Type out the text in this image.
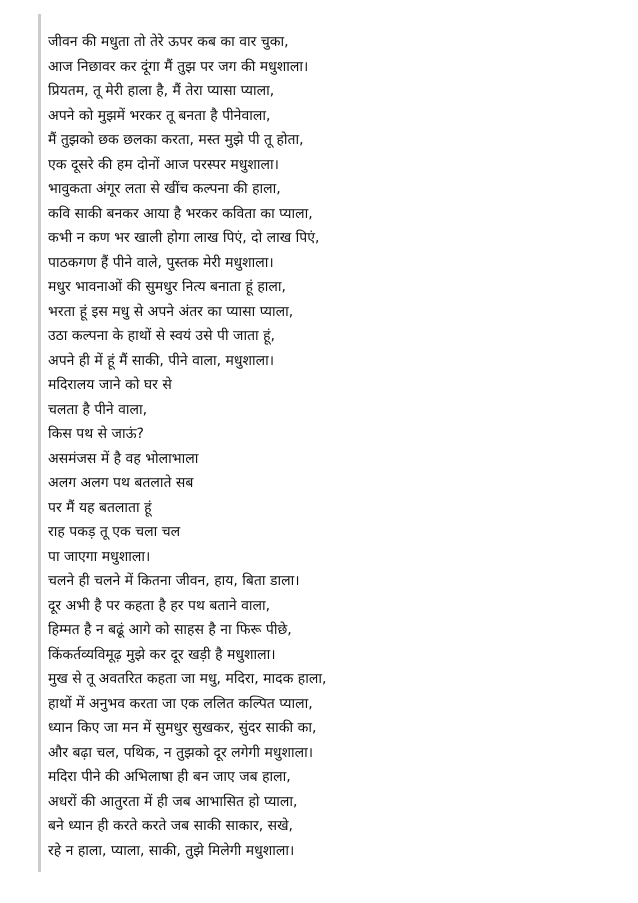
जीवन की मधुता तो तेरे ऊपर कब का वार चुका,
आज निछावर कर दूंगा मैं तुझ पर जग की मधुशाला।
प्रियतम, तू मेरी हाला है, मैं तेरा प्यासा प्याला,
अपने को मुझमें भरकर तू बनता है पीनेवाला,
मैं तुझको छक छलका करता, मस्त मुझे पी तू होता,
एक दूसरे की हम दोनों आज परस्पर मधुशाला।
भावुकता अंगूर लता से खींच कल्पना की हाला,
कवि साकी बनकर आया है भरकर कविता का प्याला,
कभी न कण भर खाली होगा लाख पिएं, दो लाख पिएं,
पाठकगण हैं पीने वाले, पुस्तक मेरी मधुशाला।
मधुर भावनाओं की सुमधुर नित्य बनाता हूं हाला,
भरता हूं इस मधु से अपने अंतर का प्यासा प्याला,
उठा कल्पना के हाथों से स्वयं उसे पी जाता हूं,
अपने ही में हूं मैं साकी, पीने वाला, मधुशाला।
मदिरालय जाने को घर से
चलता है पीने वाला,
किस पथ से जाऊं?
असमंजस में है वह भोलाभाला
अलग अलग पथ बतलाते सब
पर मैं यह बतलाता हूं
राह पकड़ तू एक चला चल
पा जाएगा मधुशाला।
चलने ही चलने में कितना जीवन, हाय, बिता डाला।
दूर अभी है पर कहता है हर पथ बताने वाला,
हिम्मत है न बढूं आगे को साहस है ना फिरू पीछे,
किंकर्तव्यविमूढ़ मुझे कर दूर खड़ी है मधुशाला।
मुख से तू अवतरित कहता जा मधु, मदिरा, मादक हाला,
हाथों में अनुभव करता जा एक ललित कल्पित प्याला,
ध्यान किए जा मन में सुमधुर सुखकर, सुंदर साकी का,
और बढ़ा चल, पथिक, न तुझको दूर लगेगी मधुशाला।
मदिरा पीने की अभिलाषा ही बन जाए जब हाला,
अधरों की आतुरता में ही जब आभासित हो प्याला,
बने ध्यान ही करते करते जब साकी साकार, सखे,
रहे न हाला, प्याला, साकी, तुझे मिलेगी मधुशाला।
